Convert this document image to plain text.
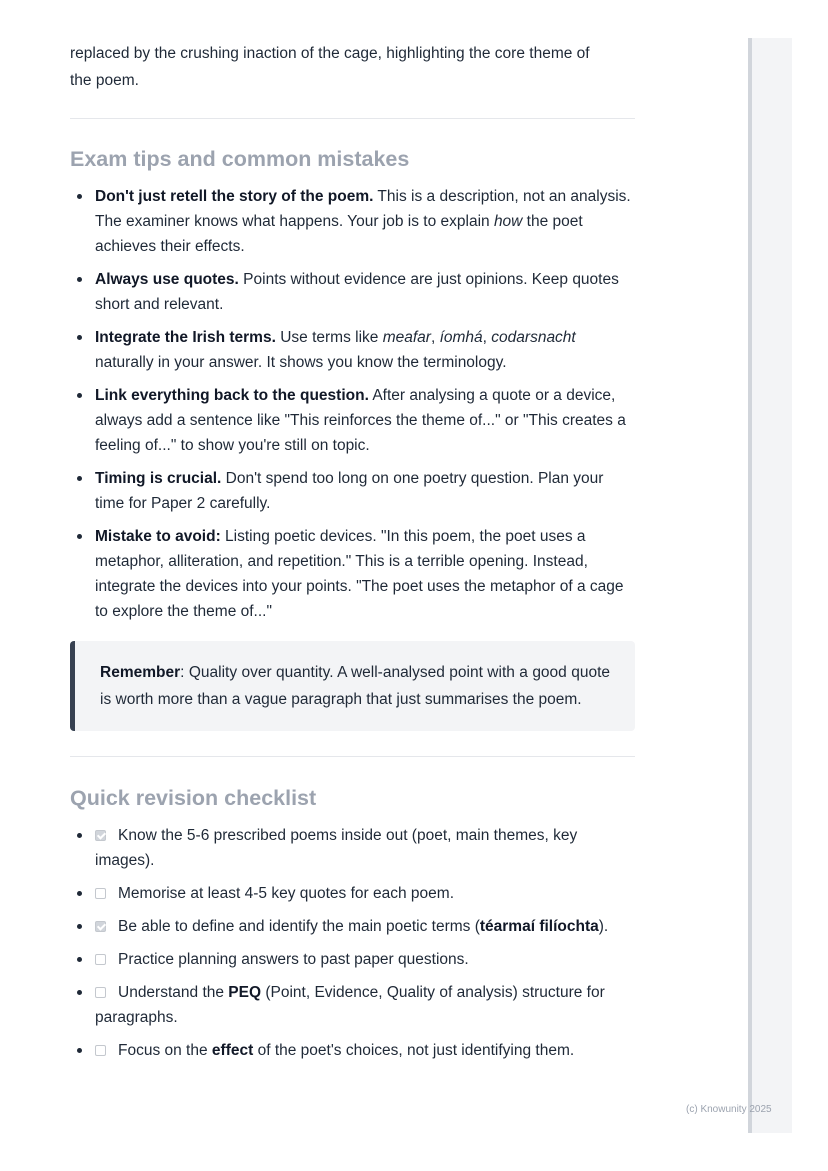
replaced by the crushing inaction of the cage, highlighting the core theme of
the poem.

Exam tips and common mistakes
Don't just retell the story of the poem. This is a description, not an analysis. The examiner knows what happens. Your job is to explain how the poet achieves their effects.
Always use quotes. Points without evidence are just opinions. Keep quotes short and relevant.
Integrate the Irish terms. Use terms like meafar, íomhá, codarsnacht naturally in your answer. It shows you know the terminology.
Link everything back to the question. After analysing a quote or a device, always add a sentence like "This reinforces the theme of..." or "This creates a feeling of..." to show you're still on topic.
Timing is crucial. Don't spend too long on one poetry question. Plan your time for Paper 2 carefully.
Mistake to avoid: Listing poetic devices. "In this poem, the poet uses a metaphor, alliteration, and repetition." This is a terrible opening. Instead, integrate the devices into your points. "The poet uses the metaphor of a cage to explore the theme of..."

Remember: Quality over quantity. A well-analysed point with a good quote is worth more than a vague paragraph that just summarises the poem.

Quick revision checklist
Know the 5-6 prescribed poems inside out (poet, main themes, key images).
Memorise at least 4-5 key quotes for each poem.
Be able to define and identify the main poetic terms (téarmaí filíochta).
Practice planning answers to past paper questions.
Understand the PEQ (Point, Evidence, Quality of analysis) structure for paragraphs.
Focus on the effect of the poet's choices, not just identifying them.
(c) Knowunity 2025
